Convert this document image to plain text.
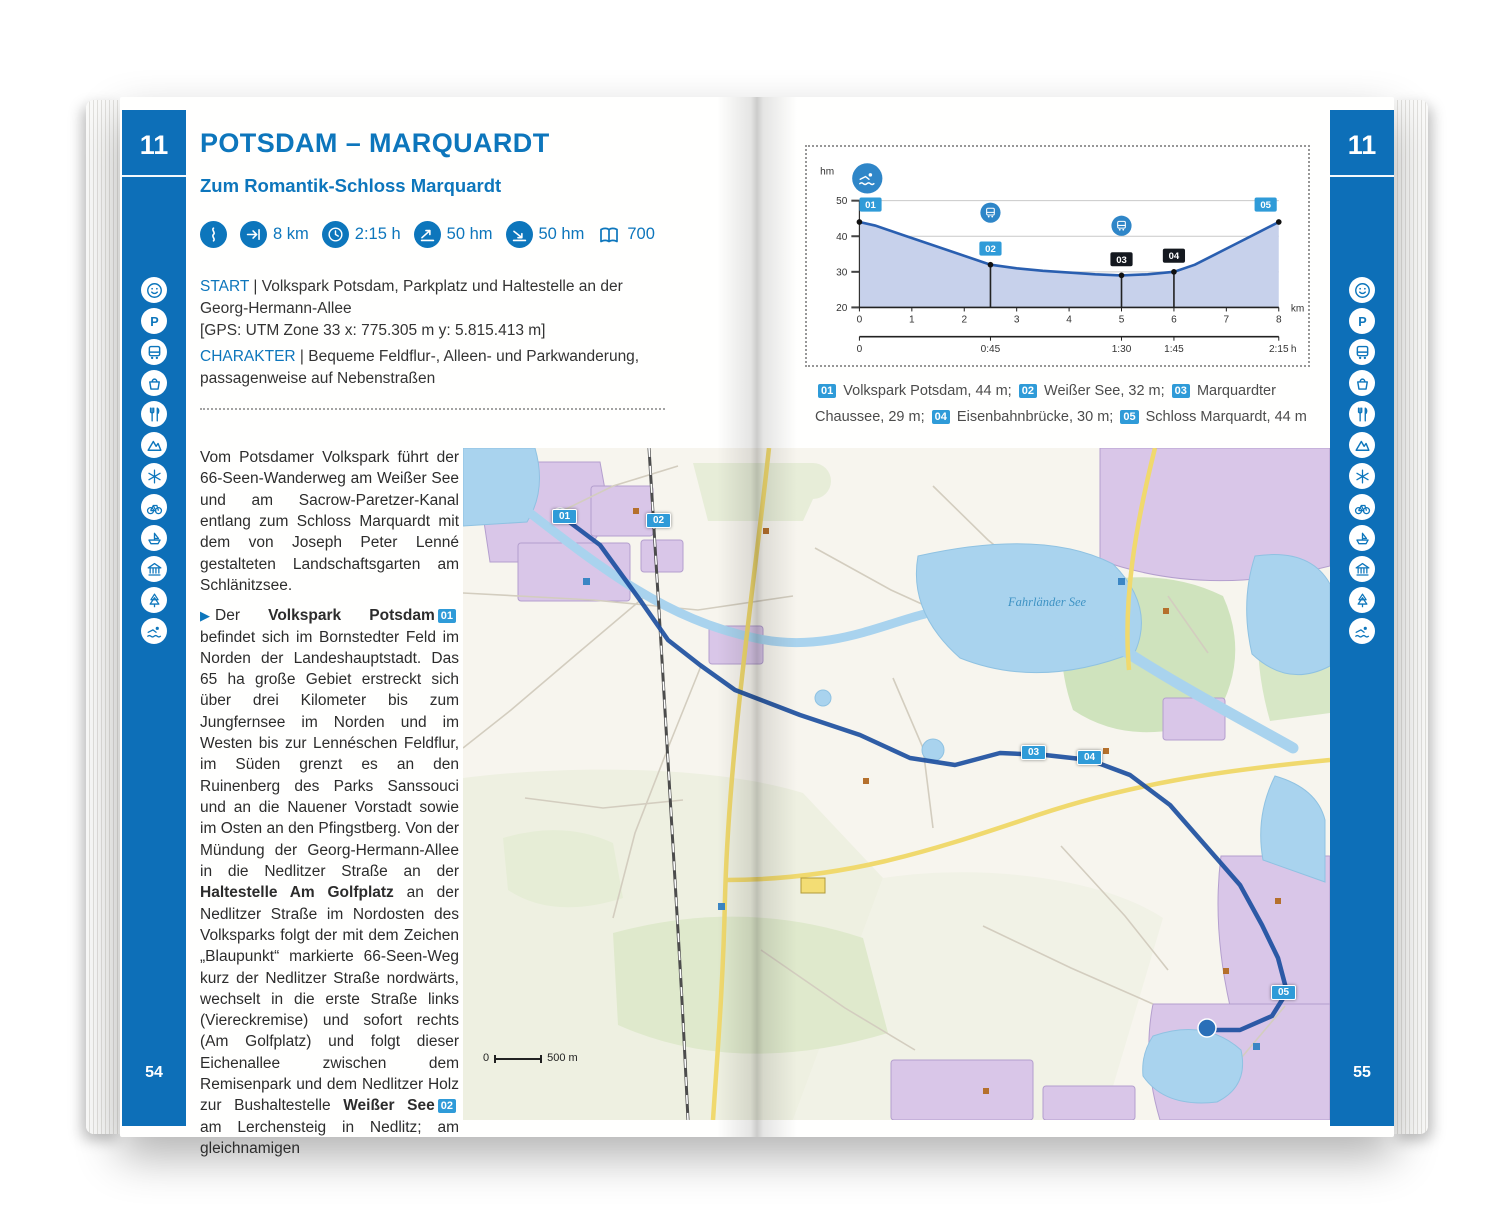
11
54
11
55
POTSDAM – MARQUARDT
Zum Romantik-Schloss Marquardt
8 km	2:15 h	50 hm	50 hm	700

START | Volkspark Potsdam, Parkplatz und Haltestelle an der Georg-Hermann-Allee
[GPS: UTM Zone 33 x: 775.305 m y: 5.815.413 m]

CHARAKTER | Bequeme Feldflur-, Alleen- und Parkwanderung, passagenweise auf Nebenstraßen

Vom Potsdamer Volkspark führt der 66-Seen-Wanderweg am Weißer See und am Sacrow-Paretzer-Kanal entlang zum Schloss Marquardt mit dem von Joseph Peter Lenné gestalteten Landschaftsgarten am Schlänitzsee.

▶ Der Volkspark Potsdam 01 befindet sich im Bornstedter Feld im Norden der Landeshauptstadt. Das 65 ha große Gebiet erstreckt sich über drei Kilometer bis zum Jungfernsee im Norden und im Westen bis zur Lennéschen Feldflur, im Süden grenzt es an den Ruinenberg des Parks Sanssouci und an die Nauener Vorstadt sowie im Osten an den Pfingstberg. Von der Mündung der Georg-Hermann-Allee in die Nedlitzer Straße an der Haltestelle Am Golfplatz an der Nedlitzer Straße im Nordosten des Volksparks folgt der mit dem Zeichen „Blaupunkt“ markierte 66-Seen-Weg kurz der Nedlitzer Straße nordwärts, wechselt in die erste Straße links (Viereckremise) und sofort rechts (Am Golfplatz) und folgt dieser Eichenallee zwischen dem Remisenpark und dem Nedlitzer Holz zur Bushaltestelle Weißer See 02 am Lerchensteig in Nedlitz; am gleichnamigen

50
40
30
20
0	1	2	3	4	5	6	7	8
km
0	0:45	1:30	1:45	2:15 h
hm
01
02
03	04
05
01 Volkspark Potsdam, 44 m; 02 Weißer See, 32 m; 03 Marquardter Chaussee, 29 m; 04 Eisenbahnbrücke, 30 m; 05 Schloss Marquardt, 44 m
Fahrländer See
01	02
03	04
05
0	500 m
